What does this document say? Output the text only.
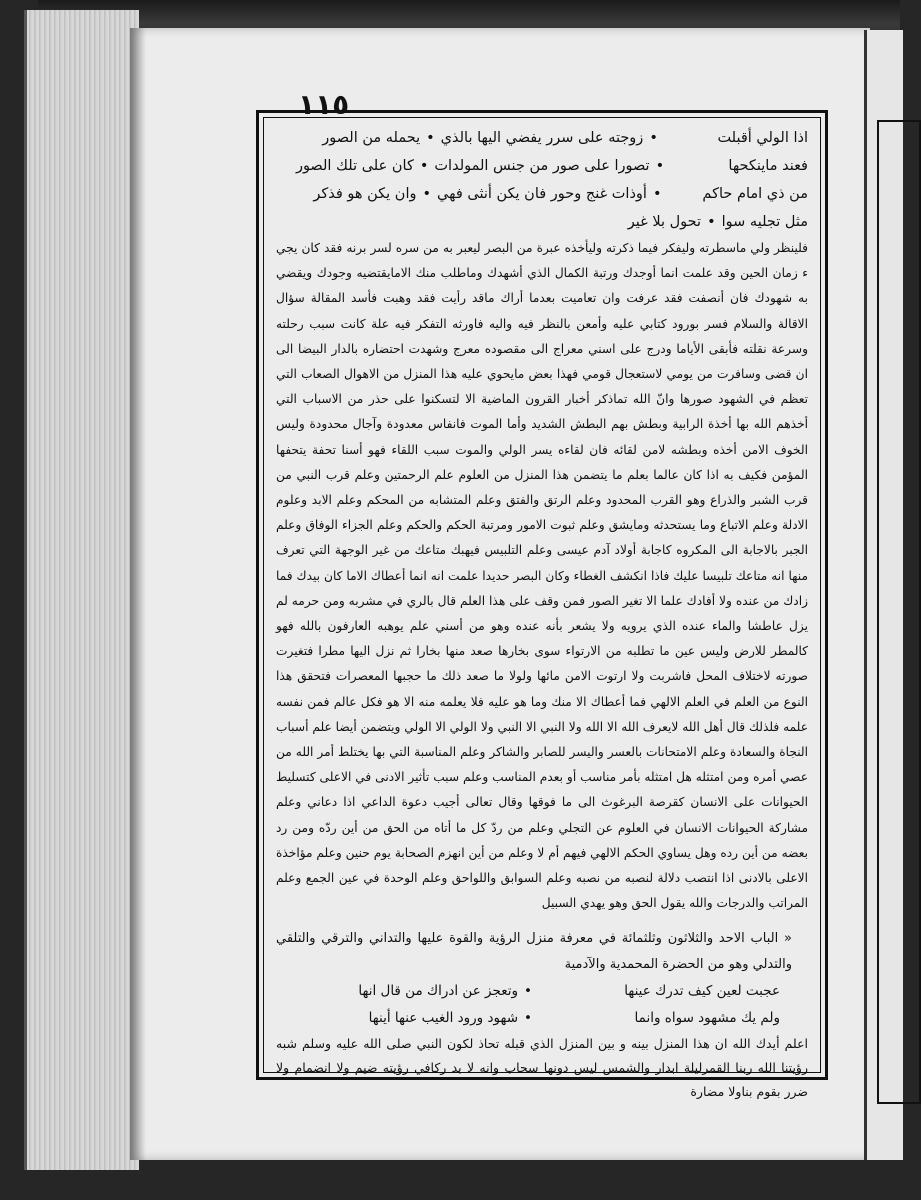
١١٥
اذا الولي أقبلت
•
زوجته على سرر يفضي اليها بالذي
•
يحمله من الصور
فعند ماينكحها
•
تصورا على صور من جنس المولدات
•
كان على تلك الصور
من ذي امام حاكم
•
أوذات غنج وحور فان يكن أنثى فهي
•
وان يكن هو فذكر
مثل تجليه سوا
•
تحول بلا غير
فلينظر ولي ماسطرته وليفكر فيما ذكرته وليأخذه عبرة من البصر ليعبر به من سره لسر برنه فقد كان يجي ء زمان الحين وقد علمت انما أوجدك ورتبة الكمال الذي أشهدك وماطلب منك الامايقتضيه وجودك ويقضي به شهودك فان أنصفت فقد عرفت وان تعاميت بعدما أراك ماقد رأيت فقد وهبت فأسد المقالة سؤال الاقالة والسلام فسر بورود كتابي عليه وأمعن بالنظر فيه واليه فاورثه التفكر فيه علة كانت سبب رحلته وسرعة نقلته فأبقى الأياما ودرج على اسني معراج الى مقصوده معرج وشهدت احتضاره بالدار البيضا الى ان قضى وسافرت من يومي لاستعجال قومي فهذا بعض مايحوي عليه هذا المنزل من الاهوال الصعاب التي تعظم في الشهود صورها وانّ الله تماذكر أخبار القرون الماضية الا لتسكنوا على حذر من الاسباب التي أخذهم الله بها أخذة الرابية وبطش بهم البطش الشديد وأما الموت فانفاس معدودة وآجال محدودة وليس الخوف الامن أخذه وبطشه لامن لقائه فان لقاءه يسر الولي والموت سبب اللقاء فهو أسنا تحفة يتحفها المؤمن فكيف به اذا كان عالما بعلم ما يتضمن هذا المنزل من العلوم علم الرحمتين وعلم قرب النبي من قرب الشبر والذراع وهو القرب المحدود وعلم الرتق والفتق وعلم المتشابه من المحكم وعلم الابد وعلوم الادلة وعلم الاتباع وما يستحدثه ومايشق وعلم ثبوت الامور ومرتبة الحكم والحكم وعلم الجزاء الوفاق وعلم الجبر بالاجابة الى المكروه كاجابة أولاد آدم عيسى وعلم التلبيس فيهبك متاعك من غير الوجهة التي تعرف منها انه متاعك تلبيسا عليك فاذا انكشف الغطاء وكان البصر حديدا علمت انه انما أعطاك الاما كان بيدك فما زادك من عنده ولا أفادك علما الا تغير الصور فمن وقف على هذا العلم قال بالري في مشربه ومن حرمه لم يزل عاطشا والماء عنده الذي يرويه ولا يشعر بأنه عنده وهو من أسني علم يوهبه العارفون بالله فهو كالمطر للارض وليس عين ما تطلبه من الارتواء سوى بخارها صعد منها بخارا ثم نزل اليها مطرا فتغيرت صورته لاختلاف المحل فاشربت ولا ارتوت الامن مائها ولولا ما صعد ذلك ما حجبها المعصرات فتحقق هذا النوع من العلم في العلم الالهي فما أعطاك الا منك وما هو عليه فلا يعلمه منه الا هو فكل عالم فمن نفسه علمه فلذلك قال أهل الله لايعرف الله الا الله ولا النبي الا النبي ولا الولي الا الولي ويتضمن أيضا علم أسباب النجاة والسعادة وعلم الامتحانات بالعسر واليسر للصابر والشاكر وعلم المناسبة التي بها يختلط أمر الله من عصي أمره ومن امتثله هل امتثله بأمر مناسب أو بعدم المناسب وعلم سبب تأثير الادنى في الاعلى كتسليط الحيوانات على الانسان كقرصة البرغوث الى ما فوقها وقال تعالى أجيب دعوة الداعي اذا دعاني وعلم مشاركة الحيوانات الانسان في العلوم عن التجلي وعلم من ردّ كل ما أتاه من الحق من أين ردّه ومن رد بعضه من أين رده وهل يساوي الحكم الالهي فيهم أم لا وعلم من أين انهزم الصحابة يوم حنين وعلم مؤاخذة الاعلى بالادنى اذا انتصب دلالة لنصبه من نصبه وعلم السوابق واللواحق وعلم الوحدة في عين الجمع وعلم المراتب والدرجات والله يقول الحق وهو يهدي السبيل
« الباب الاحد والثلاثون وثلثمائة في معرفة منزل الرؤية والقوة عليها والتداني والترقي والتلقي والتدلي وهو من الحضرة المحمدية والآدمية
عجبت لعين كيف تدرك عينها
•
وتعجز عن ادراك من قال انها
ولم يك مشهود سواه وانما
•
شهود ورود الغيب عنها أينها
اعلم أيدك الله ان هذا المنزل بينه و بين المنزل الذي قبله تحاذ لكون النبي صلى الله عليه وسلم شبه رؤيتنا الله ربنا القمرليلة ابدار والشمس ليس دونها سحاب وانه لا بد ركافي رؤيته ضيم ولا انضمام ولا ضرر بقوم بناولا مضارة
